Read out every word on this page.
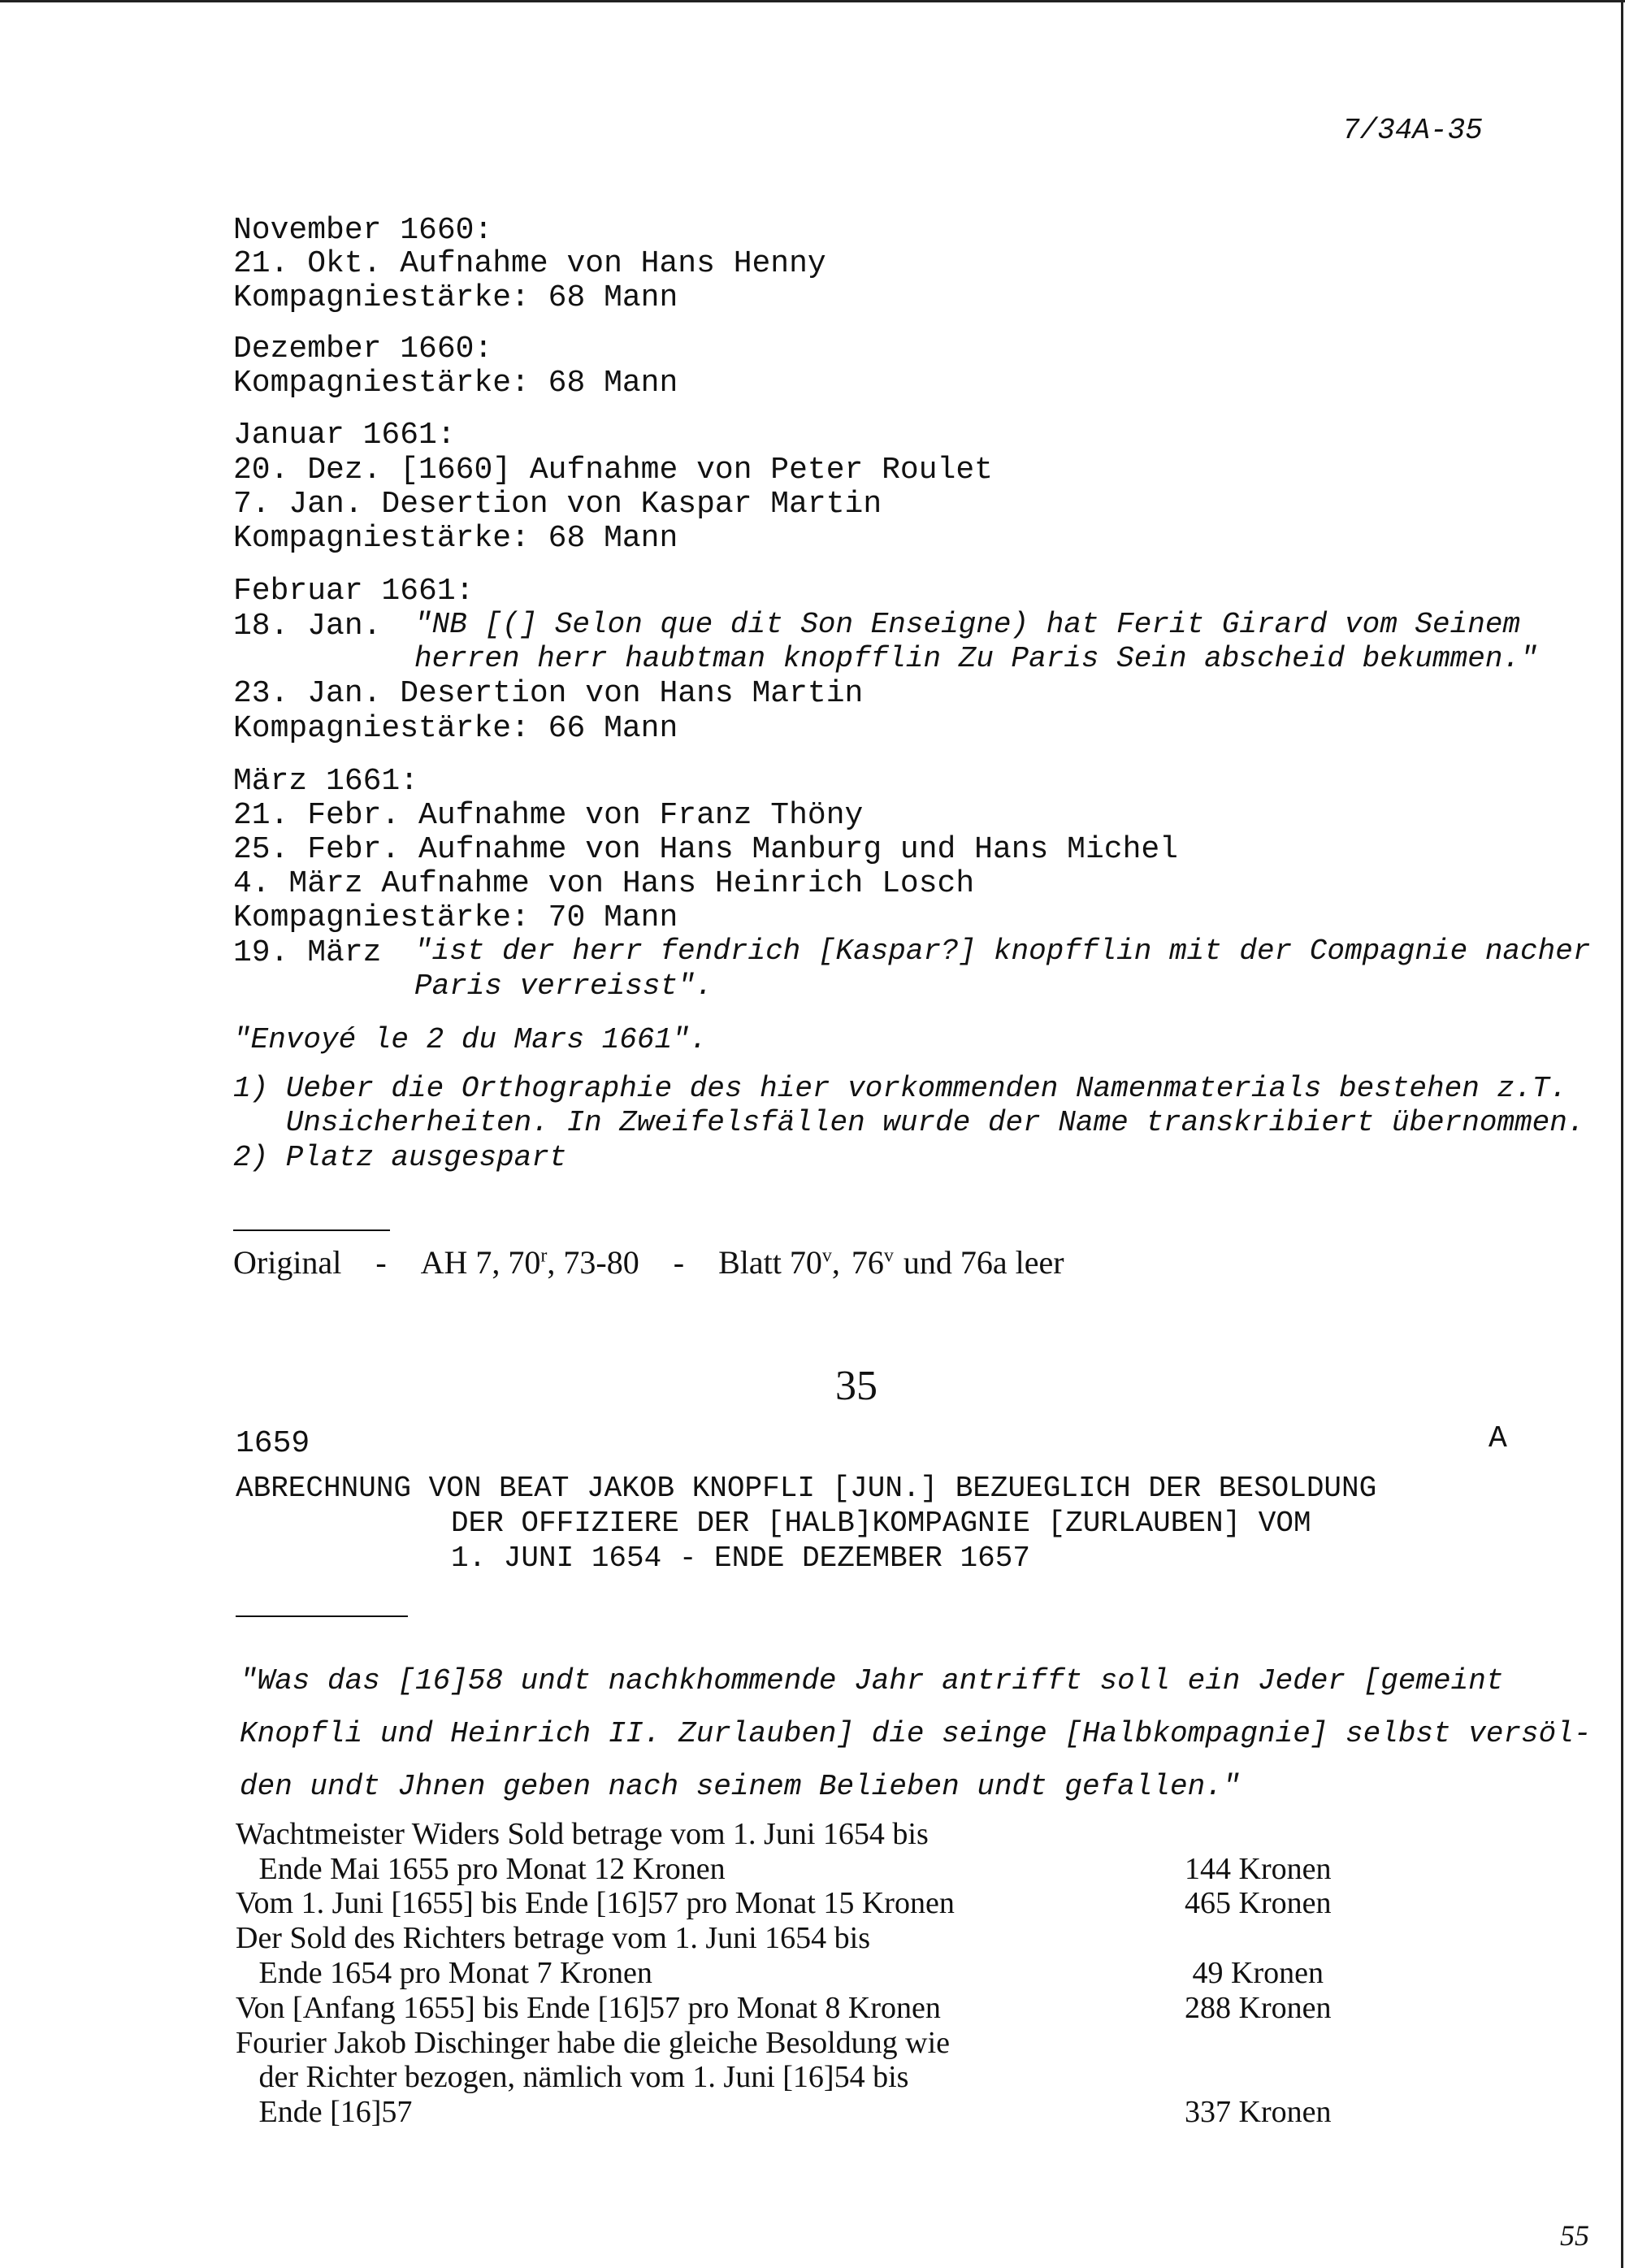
7/34A-35
November 1660:
21. Okt. Aufnahme von Hans Henny
Kompagniestärke: 68 Mann
Dezember 1660:
Kompagniestärke: 68 Mann
Januar 1661:
20. Dez. [1660] Aufnahme von Peter Roulet
7. Jan. Desertion von Kaspar Martin
Kompagniestärke: 68 Mann
Februar 1661:
18. Jan. "NB [(] Selon que dit Son Enseigne) hat Ferit Girard vom Seinem
herren herr haubtman knopfflin Zu Paris Sein abscheid bekummen."
23. Jan. Desertion von Hans Martin
Kompagniestärke: 66 Mann
März 1661:
21. Febr. Aufnahme von Franz Thöny
25. Febr. Aufnahme von Hans Manburg und Hans Michel
4. März Aufnahme von Hans Heinrich Losch
Kompagniestärke: 70 Mann
19. März "ist der herr fendrich [Kaspar?] knopfflin mit der Compagnie nacher
Paris verreisst".
"Envoyé le 2 du Mars 1661".
1) Ueber die Orthographie des hier vorkommenden Namenmaterials bestehen z.T.
Unsicherheiten. In Zweifelsfällen wurde der Name transkribiert übernommen.
2) Platz ausgespart
Original - AH 7, 70$^r$, 73-80 - Blatt 70$^v$, 76$^v$ und 76a leer
35
1659	A
ABRECHNUNG VON BEAT JAKOB KNOPFLI [JUN.] BEZUEGLICH DER BESOLDUNG
DER OFFIZIERE DER [HALB]KOMPAGNIE [ZURLAUBEN] VOM
1. JUNI 1654 - ENDE DEZEMBER 1657
"Was das [16]58 undt nachkhommende Jahr antrifft soll ein Jeder [gemeint
Knopfli und Heinrich II. Zurlauben] die seinge [Halbkompagnie] selbst versöl-
den undt Jhnen geben nach seinem Belieben undt gefallen."
Wachtmeister Widers Sold betrage vom 1. Juni 1654 bis
Ende Mai 1655 pro Monat 12 Kronen	144 Kronen
Vom 1. Juni [1655] bis Ende [16]57 pro Monat 15 Kronen	465 Kronen
Der Sold des Richters betrage vom 1. Juni 1654 bis
Ende 1654 pro Monat 7 Kronen	49 Kronen
Von [Anfang 1655] bis Ende [16]57 pro Monat 8 Kronen	288 Kronen
Fourier Jakob Dischinger habe die gleiche Besoldung wie
der Richter bezogen, nämlich vom 1. Juni [16]54 bis
Ende [16]57	337 Kronen
55
